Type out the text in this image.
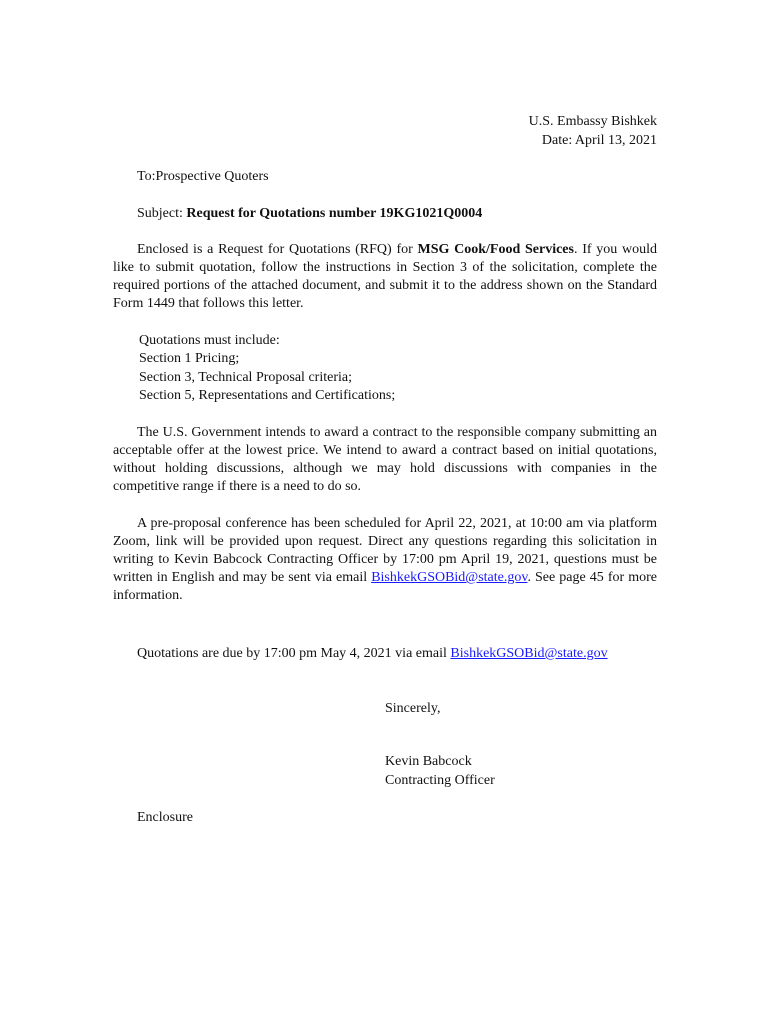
U.S. Embassy Bishkek
Date: April 13, 2021
To:Prospective Quoters
Subject: Request for Quotations number 19KG1021Q0004
Enclosed is a Request for Quotations (RFQ) for MSG Cook/Food Services. If you would like to submit quotation, follow the instructions in Section 3 of the solicitation, complete the required portions of the attached document, and submit it to the address shown on the Standard Form 1449 that follows this letter.
Quotations must include:
Section 1 Pricing;
Section 3, Technical Proposal criteria;
Section 5, Representations and Certifications;
The U.S. Government intends to award a contract to the responsible company submitting an acceptable offer at the lowest price. We intend to award a contract based on initial quotations, without holding discussions, although we may hold discussions with companies in the competitive range if there is a need to do so.
A pre-proposal conference has been scheduled for April 22, 2021, at 10:00 am via platform Zoom, link will be provided upon request. Direct any questions regarding this solicitation in writing to Kevin Babcock Contracting Officer by 17:00 pm April 19, 2021, questions must be written in English and may be sent via email BishkekGSOBid@state.gov. See page 45 for more information.
Quotations are due by 17:00 pm May 4, 2021 via email BishkekGSOBid@state.gov
Sincerely,
Kevin Babcock
Contracting Officer
Enclosure
